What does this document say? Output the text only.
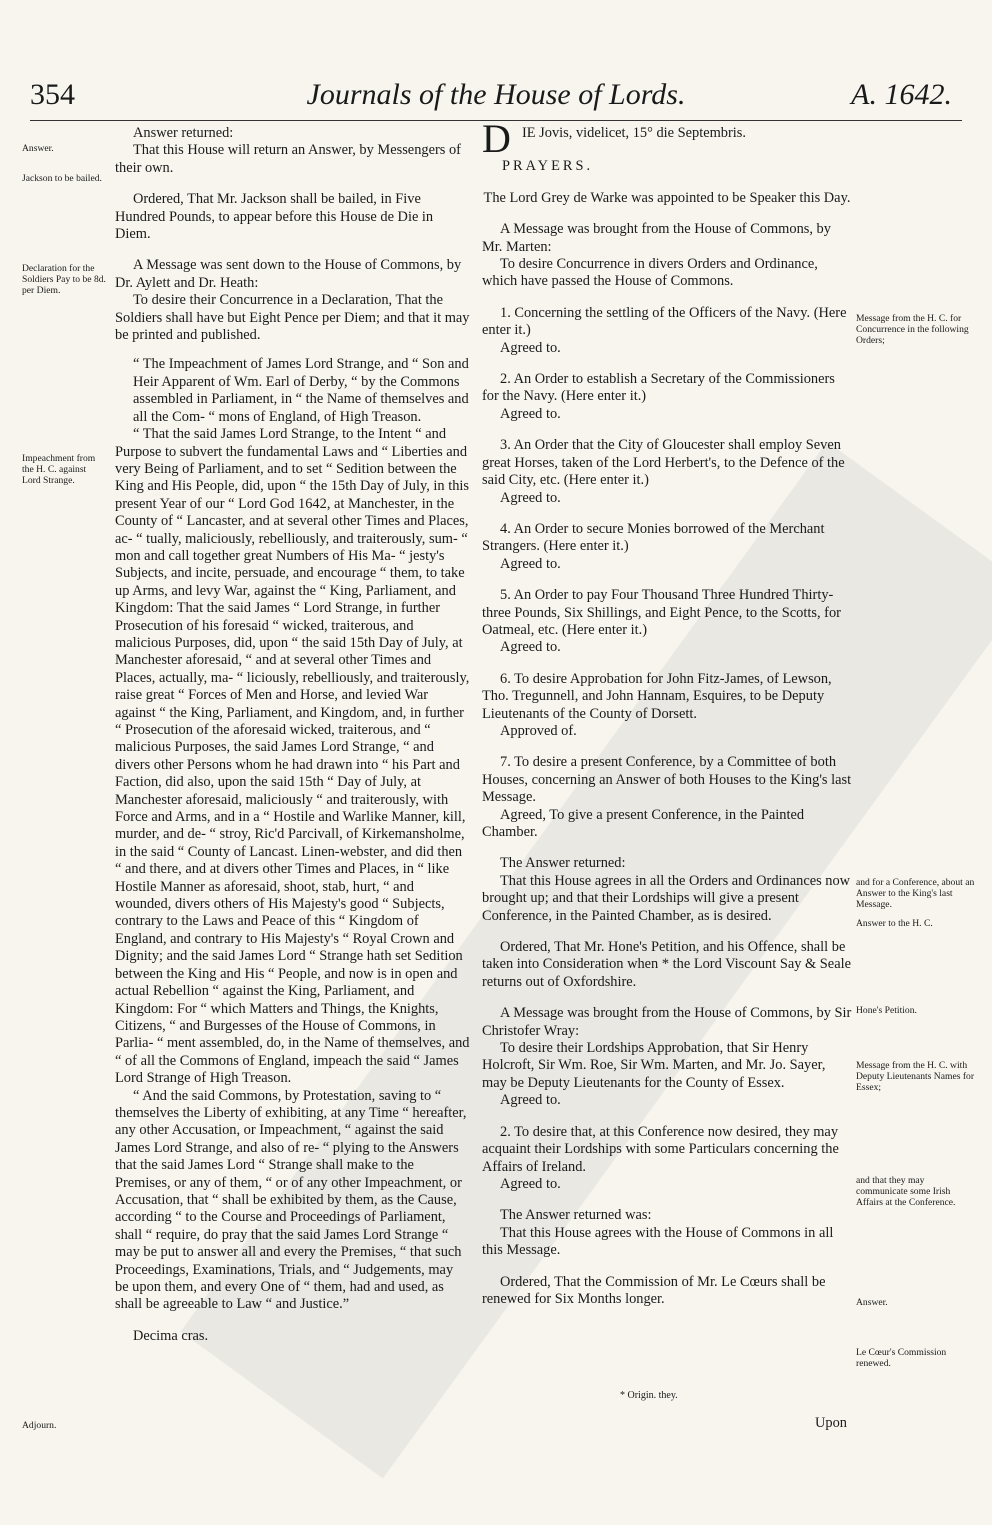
354	Journals of the House of Lords.	A. 1642.
Answer.
Jackson to be bailed.
Declaration for the Soldiers Pay to be 8d. per Diem.
Impeachment from the H. C. against Lord Strange.
Adjourn.

Answer returned:

That this House will return an Answer, by Messengers of their own.

Ordered, That Mr. Jackson shall be bailed, in Five Hundred Pounds, to appear before this House de Die in Diem.

A Message was sent down to the House of Commons, by Dr. Aylett and Dr. Heath:

To desire their Concurrence in a Declaration, That the Soldiers shall have but Eight Pence per Diem; and that it may be printed and published.

“ The Impeachment of James Lord Strange, and “ Son and Heir Apparent of Wm. Earl of Derby, “ by the Commons assembled in Parliament, in “ the Name of themselves and all the Com- “ mons of England, of High Treason.

“ That the said James Lord Strange, to the Intent “ and Purpose to subvert the fundamental Laws and “ Liberties and very Being of Parliament, and to set “ Sedition between the King and His People, did, upon “ the 15th Day of July, in this present Year of our “ Lord God 1642, at Manchester, in the County of “ Lancaster, and at several other Times and Places, ac- “ tually, maliciously, rebelliously, and traiterously, sum- “ mon and call together great Numbers of His Ma- “ jesty's Subjects, and incite, persuade, and encourage “ them, to take up Arms, and levy War, against the “ King, Parliament, and Kingdom: That the said James “ Lord Strange, in further Prosecution of his foresaid “ wicked, traiterous, and malicious Purposes, did, upon “ the said 15th Day of July, at Manchester aforesaid, “ and at several other Times and Places, actually, ma- “ liciously, rebelliously, and traiterously, raise great “ Forces of Men and Horse, and levied War against “ the King, Parliament, and Kingdom, and, in further “ Prosecution of the aforesaid wicked, traiterous, and “ malicious Purposes, the said James Lord Strange, “ and divers other Persons whom he had drawn into “ his Part and Faction, did also, upon the said 15th “ Day of July, at Manchester aforesaid, maliciously “ and traiterously, with Force and Arms, and in a “ Hostile and Warlike Manner, kill, murder, and de- “ stroy, Ric'd Parcivall, of Kirkemansholme, in the said “ County of Lancast. Linen-webster, and did then “ and there, and at divers other Times and Places, in “ like Hostile Manner as aforesaid, shoot, stab, hurt, “ and wounded, divers others of His Majesty's good “ Subjects, contrary to the Laws and Peace of this “ Kingdom of England, and contrary to His Majesty's “ Royal Crown and Dignity; and the said James Lord “ Strange hath set Sedition between the King and His “ People, and now is in open and actual Rebellion “ against the King, Parliament, and Kingdom: For “ which Matters and Things, the Knights, Citizens, “ and Burgesses of the House of Commons, in Parlia- “ ment assembled, do, in the Name of themselves, and “ of all the Commons of England, impeach the said “ James Lord Strange of High Treason.

“ And the said Commons, by Protestation, saving to “ themselves the Liberty of exhibiting, at any Time “ hereafter, any other Accusation, or Impeachment, “ against the said James Lord Strange, and also of re- “ plying to the Answers that the said James Lord “ Strange shall make to the Premises, or any of them, “ or of any other Impeachment, or Accusation, that “ shall be exhibited by them, as the Cause, according “ to the Course and Proceedings of Parliament, shall “ require, do pray that the said James Lord Strange “ may be put to answer all and every the Premises, “ that such Proceedings, Examinations, Trials, and “ Judgements, may be upon them, and every One of “ them, had and used, as shall be agreeable to Law “ and Justice.”

Decima cras.

D IE Jovis, videlicet, 15° die Septembris.

PRAYERS.

The Lord Grey de Warke was appointed to be Speaker this Day.

A Message was brought from the House of Commons, by Mr. Marten:

To desire Concurrence in divers Orders and Ordinance, which have passed the House of Commons.

1. Concerning the settling of the Officers of the Navy. (Here enter it.)

Agreed to.

2. An Order to establish a Secretary of the Commissioners for the Navy. (Here enter it.)

Agreed to.

3. An Order that the City of Gloucester shall employ Seven great Horses, taken of the Lord Herbert's, to the Defence of the said City, etc. (Here enter it.)

Agreed to.

4. An Order to secure Monies borrowed of the Merchant Strangers. (Here enter it.)

Agreed to.

5. An Order to pay Four Thousand Three Hundred Thirty-three Pounds, Six Shillings, and Eight Pence, to the Scotts, for Oatmeal, etc. (Here enter it.)

Agreed to.

6. To desire Approbation for John Fitz-James, of Lewson, Tho. Tregunnell, and John Hannam, Esquires, to be Deputy Lieutenants of the County of Dorsett.

Approved of.

7. To desire a present Conference, by a Committee of both Houses, concerning an Answer of both Houses to the King's last Message.

Agreed, To give a present Conference, in the Painted Chamber.

The Answer returned:

That this House agrees in all the Orders and Ordinances now brought up; and that their Lordships will give a present Conference, in the Painted Chamber, as is desired.

Ordered, That Mr. Hone's Petition, and his Offence, shall be taken into Consideration when * the Lord Viscount Say & Seale returns out of Oxfordshire.

A Message was brought from the House of Commons, by Sir Christofer Wray:

To desire their Lordships Approbation, that Sir Henry Holcroft, Sir Wm. Roe, Sir Wm. Marten, and Mr. Jo. Sayer, may be Deputy Lieutenants for the County of Essex.

Agreed to.

2. To desire that, at this Conference now desired, they may acquaint their Lordships with some Particulars concerning the Affairs of Ireland.

Agreed to.

The Answer returned was:

That this House agrees with the House of Commons in all this Message.

Ordered, That the Commission of Mr. Le Cœurs shall be renewed for Six Months longer.

Message from the H. C. for Concurrence in the following Orders;
and for a Conference, about an Answer to the King's last Message.
Answer to the H. C.
Hone's Petition.
Message from the H. C. with Deputy Lieutenants Names for Essex;
and that they may communicate some Irish Affairs at the Conference.
Answer.
Le Cœur's Commission renewed.
* Origin. they.
Upon
